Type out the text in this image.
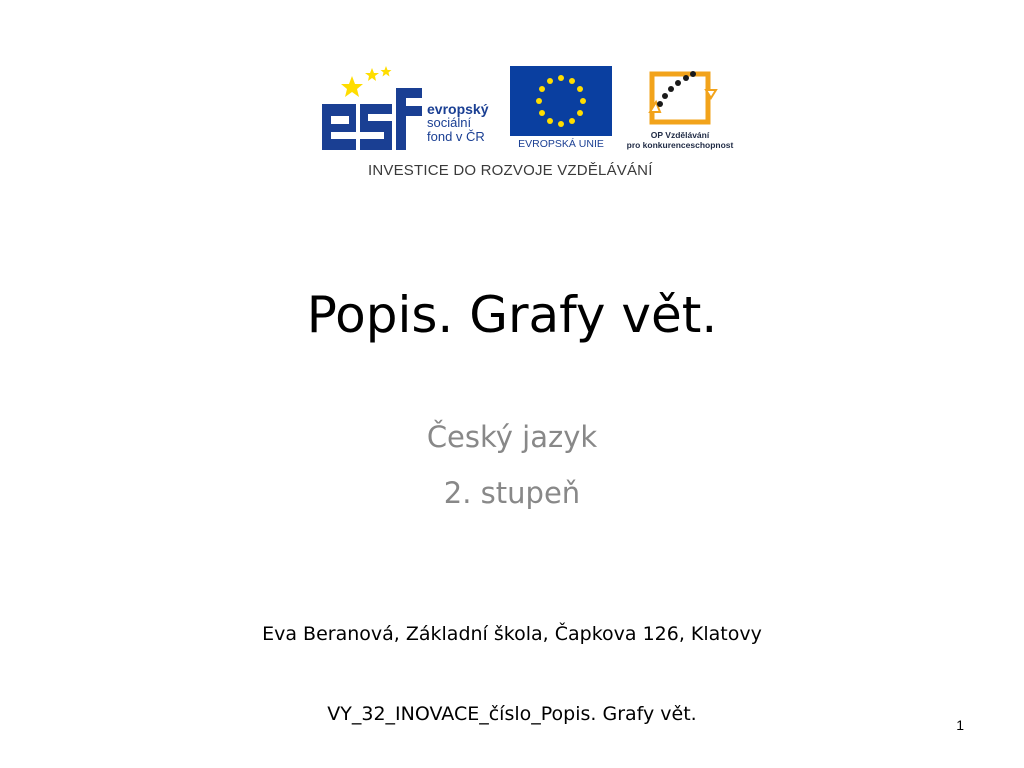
evropský
sociální
fond v ČR	EVROPSKÁ UNIE
OP Vzdělávání
pro konkurenceschopnost
INVESTICE DO ROZVOJE VZDĚLÁVÁNÍ
Popis. Grafy vět.
Český jazyk
2. stupeň
Eva Beranová, Základní škola, Čapkova 126, Klatovy
VY_32_INOVACE_číslo_Popis. Grafy vět.	1
